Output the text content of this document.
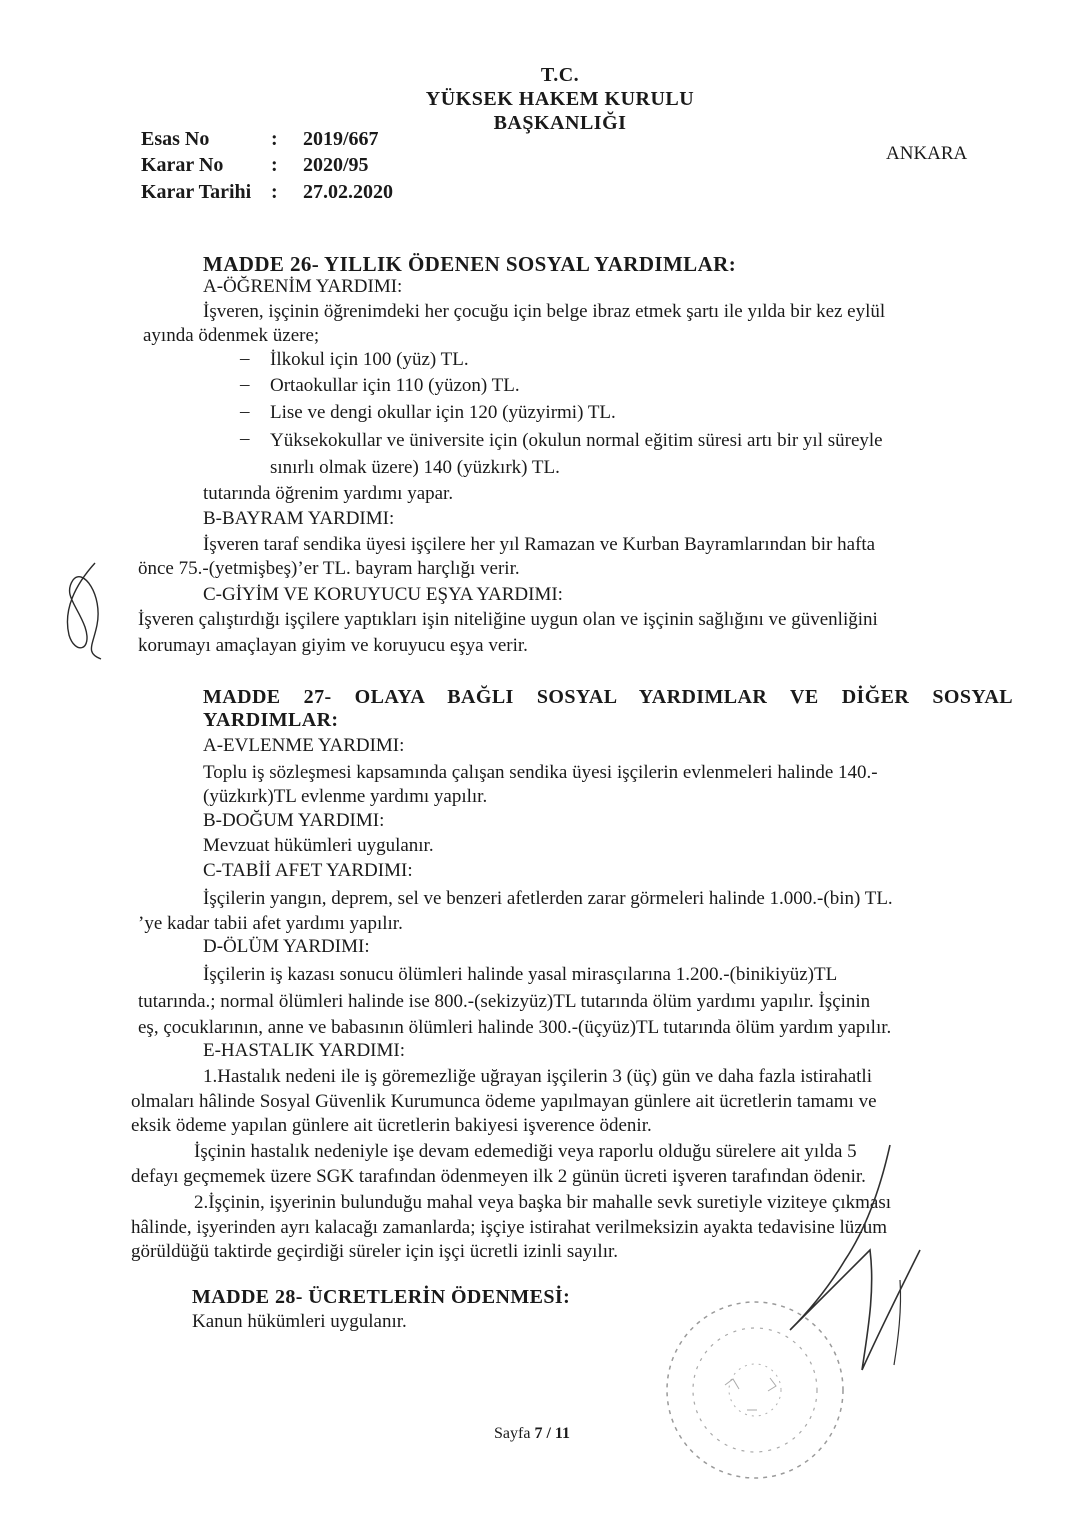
T.C.
YÜKSEK HAKEM KURULU
BAŞKANLIĞI
ANKARA
Esas No	: 2019/667
Karar No : 2020/95
Karar Tarihi : 27.02.2020
MADDE 26- YILLIK ÖDENEN SOSYAL YARDIMLAR:
A-ÖĞRENİM YARDIMI:
İşveren, işçinin öğrenimdeki her çocuğu için belge ibraz etmek şartı ile yılda bir kez eylül
ayında ödenmek üzere;
– İlkokul için 100 (yüz) TL.
– Ortaokullar için 110 (yüzon) TL.
– Lise ve dengi okullar için 120 (yüzyirmi) TL.
– Yüksekokullar ve üniversite için (okulun normal eğitim süresi artı bir yıl süreyle
sınırlı olmak üzere) 140 (yüzkırk) TL.
tutarında öğrenim yardımı yapar.
B-BAYRAM YARDIMI:
İşveren taraf sendika üyesi işçilere her yıl Ramazan ve Kurban Bayramlarından bir hafta
önce 75.-(yetmişbeş)’er TL. bayram harçlığı verir.
C-GİYİM VE KORUYUCU EŞYA YARDIMI:
İşveren çalıştırdığı işçilere yaptıkları işin niteliğine uygun olan ve işçinin sağlığını ve güvenliğini
korumayı amaçlayan giyim ve koruyucu eşya verir.
MADDE 27- OLAYA BAĞLI SOSYAL YARDIMLAR VE DİĞER SOSYAL
YARDIMLAR:
A-EVLENME YARDIMI:
Toplu iş sözleşmesi kapsamında çalışan sendika üyesi işçilerin evlenmeleri halinde 140.-
(yüzkırk)TL evlenme yardımı yapılır.
B-DOĞUM YARDIMI:
Mevzuat hükümleri uygulanır.
C-TABİİ AFET YARDIMI:
İşçilerin yangın, deprem, sel ve benzeri afetlerden zarar görmeleri halinde 1.000.-(bin) TL.
’ye kadar tabii afet yardımı yapılır.
D-ÖLÜM YARDIMI:
İşçilerin iş kazası sonucu ölümleri halinde yasal mirasçılarına 1.200.-(binikiyüz)TL
tutarında.; normal ölümleri halinde ise 800.-(sekizyüz)TL tutarında ölüm yardımı yapılır. İşçinin
eş, çocuklarının, anne ve babasının ölümleri halinde 300.-(üçyüz)TL tutarında ölüm yardım yapılır.
E-HASTALIK YARDIMI:
1.Hastalık nedeni ile iş göremezliğe uğrayan işçilerin 3 (üç) gün ve daha fazla istirahatli
olmaları hâlinde Sosyal Güvenlik Kurumunca ödeme yapılmayan günlere ait ücretlerin tamamı ve
eksik ödeme yapılan günlere ait ücretlerin bakiyesi işverence ödenir.
İşçinin hastalık nedeniyle işe devam edemediği veya raporlu olduğu sürelere ait yılda 5
defayı geçmemek üzere SGK tarafından ödenmeyen ilk 2 günün ücreti işveren tarafından ödenir.
2.İşçinin, işyerinin bulunduğu mahal veya başka bir mahalle sevk suretiyle viziteye çıkması
hâlinde, işyerinden ayrı kalacağı zamanlarda; işçiye istirahat verilmeksizin ayakta tedavisine lüzum
görüldüğü taktirde geçirdiği süreler için işçi ücretli izinli sayılır.
MADDE 28- ÜCRETLERİN ÖDENMESİ:
Kanun hükümleri uygulanır.
Sayfa 7 / 11
